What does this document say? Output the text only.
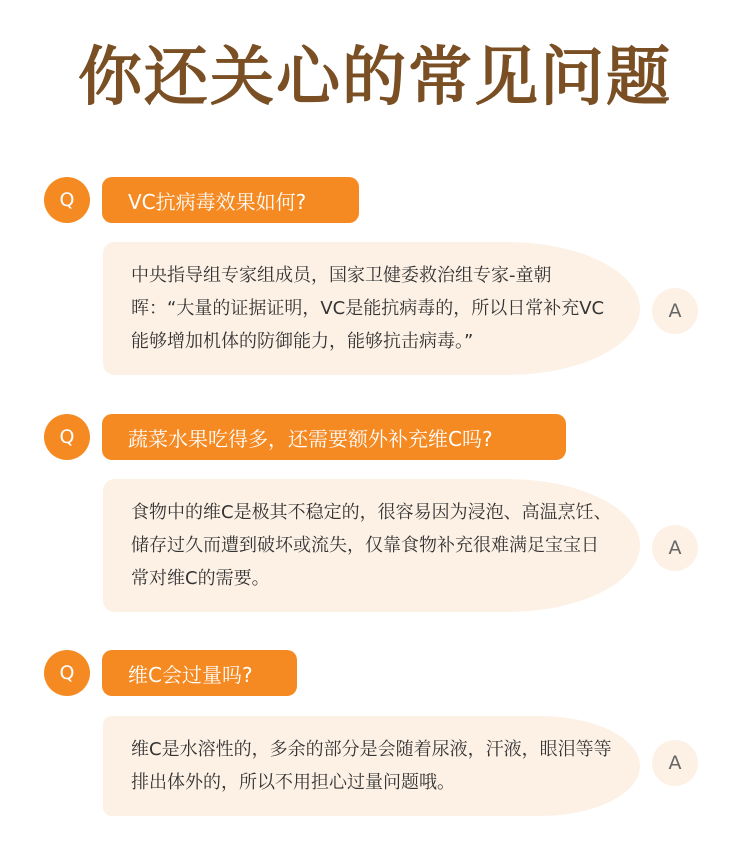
你还关心的常见问题
Q	VC抗病毒效果如何?
中央指导组专家组成员，国家卫健委救治组专家-童朝晖：“大量的证据证明，VC是能抗病毒的，所以日常补充VC能够增加机体的防御能力，能够抗击病毒。”
A
Q	蔬菜水果吃得多，还需要额外补充维C吗?
食物中的维C是极其不稳定的，很容易因为浸泡、高温烹饪、储存过久而遭到破坏或流失，仅靠食物补充很难满足宝宝日常对维C的需要。
A
Q	维C会过量吗?
维C是水溶性的，多余的部分是会随着尿液，汗液，眼泪等等排出体外的，所以不用担心过量问题哦。
A
